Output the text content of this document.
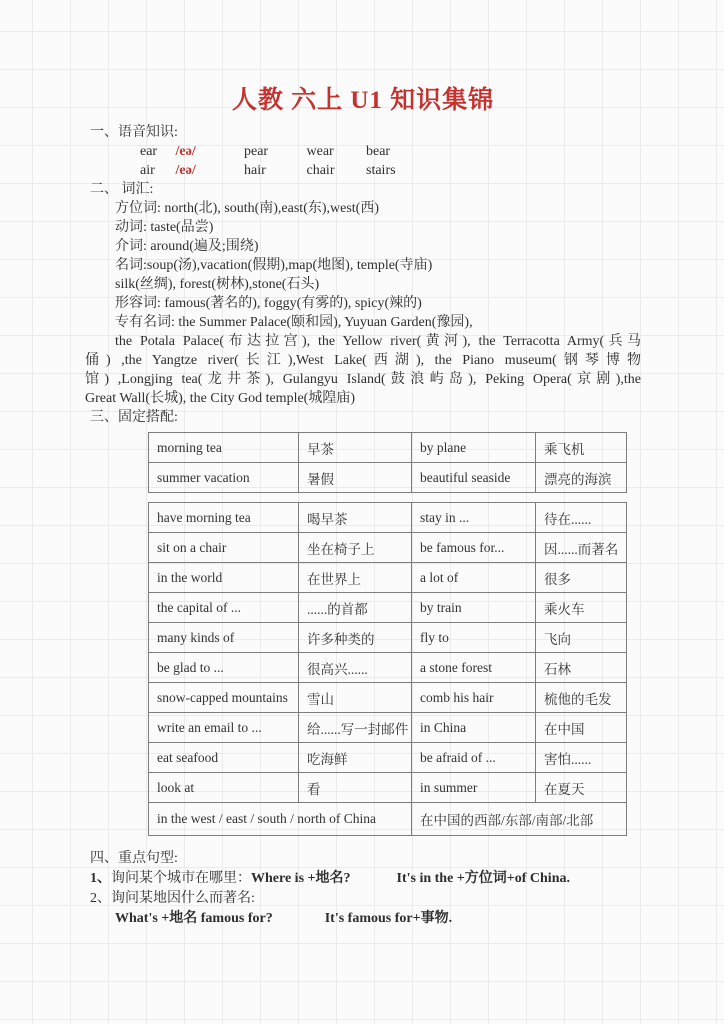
人教 六上 U1 知识集锦
一、语音知识:
ear /eə/	pear	wear bear
air /eə/	hair	chair stairs
二、 词汇:
方位词: north(北), south(南),east(东),west(西)
动词: taste(品尝)
介词: around(遍及;围绕)
名词:soup(汤),vacation(假期),map(地图), temple(寺庙)
silk(丝绸), forest(树林),stone(石头)
形容词: famous(著名的), foggy(有雾的), spicy(辣的)
专有名词: the Summer Palace(颐和园), Yuyuan Garden(豫园),
the Potala Palace(布达拉宫), the Yellow river(黄河), the Terracotta Army(兵马
俑) ,the Yangtze river(长江),West Lake(西湖), the Piano museum(钢琴博物
馆) ,Longjing tea(龙井茶), Gulangyu Island(鼓浪屿岛), Peking Opera(京剧),the
Great Wall(长城), the City God temple(城隍庙)
三、固定搭配:
morning tea	早茶	by plane	乘飞机
summer vacation	暑假	beautiful seaside	漂亮的海滨
have morning tea	喝早茶	stay in ...	待在......
sit on a chair	坐在椅子上	be famous for...	因......而著名
in the world	在世界上	a lot of	很多
the capital of ...	......的首都	by train	乘火车
many kinds of	许多种类的	fly to	飞向
be glad to ...	很高兴......	a stone forest	石林
snow-capped mountains	雪山	comb his hair	梳他的毛发
write an email to ...	给......写一封邮件	in China	在中国
eat seafood	吃海鲜	be afraid of ...	害怕......
look at	看	in summer	在夏天
in the west / east / south / north of China		在中国的西部/东部/南部/北部	
四、重点句型:
1、询问某个城市在哪里：Where is +地名?	It's in the +方位词+of China.
2、询问某地因什么而著名:
What's +地名 famous for?	It's famous for+事物.
